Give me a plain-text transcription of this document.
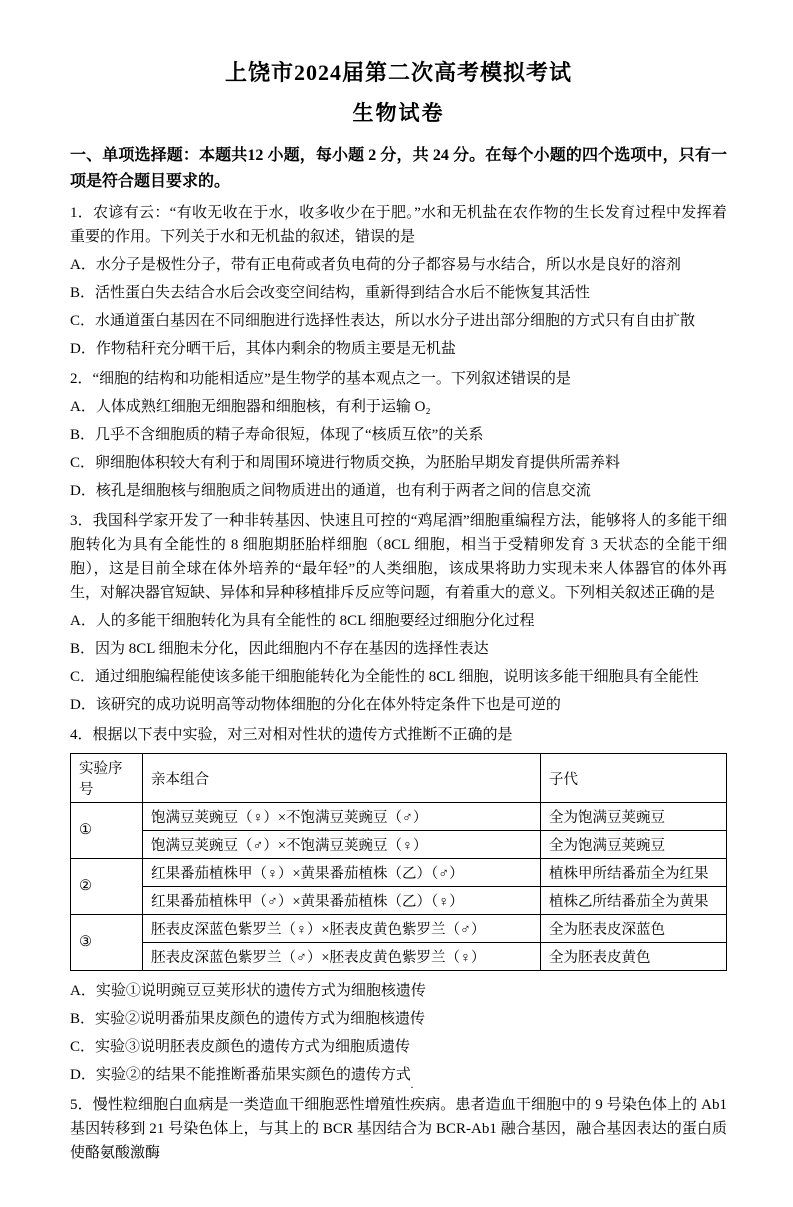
上饶市2024届第二次高考模拟考试
生物试卷

一、单项选择题：本题共12 小题，每小题 2 分，共 24 分。在每个小题的四个选项中，只有一项是符合题目要求的。

1．农谚有云：“有收无收在于水，收多收少在于肥。”水和无机盐在农作物的生长发育过程中发挥着重要的作用。下列关于水和无机盐的叙述，错误的是

A．水分子是极性分子，带有正电荷或者负电荷的分子都容易与水结合，所以水是良好的溶剂

B．活性蛋白失去结合水后会改变空间结构，重新得到结合水后不能恢复其活性

C．水通道蛋白基因在不同细胞进行选择性表达，所以水分子进出部分细胞的方式只有自由扩散

D．作物秸秆充分晒干后，其体内剩余的物质主要是无机盐

2．“细胞的结构和功能相适应”是生物学的基本观点之一。下列叙述错误的是

A．人体成熟红细胞无细胞器和细胞核，有利于运输 O₂

B．几乎不含细胞质的精子寿命很短，体现了“核质互依”的关系

C．卵细胞体积较大有利于和周围环境进行物质交换，为胚胎早期发育提供所需养料

D．核孔是细胞核与细胞质之间物质进出的通道，也有利于两者之间的信息交流

3．我国科学家开发了一种非转基因、快速且可控的“鸡尾酒”细胞重编程方法，能够将人的多能干细胞转化为具有全能性的 8 细胞期胚胎样细胞（8CL 细胞，相当于受精卵发育 3 天状态的全能干细胞），这是目前全球在体外培养的“最年轻”的人类细胞，该成果将助力实现未来人体器官的体外再生，对解决器官短缺、异体和异种移植排斥反应等问题，有着重大的意义。下列相关叙述正确的是

A．人的多能干细胞转化为具有全能性的 8CL 细胞要经过细胞分化过程

B．因为 8CL 细胞未分化，因此细胞内不存在基因的选择性表达

C．通过细胞编程能使该多能干细胞能转化为全能性的 8CL 细胞，说明该多能干细胞具有全能性

D．该研究的成功说明高等动物体细胞的分化在体外特定条件下也是可逆的

4．根据以下表中实验，对三对相对性状的遗传方式推断不正确的是

实验序号	亲本组合	子代
①	饱满豆荚豌豆（♀）×不饱满豆荚豌豆（♂）	全为饱满豆荚豌豆
	饱满豆荚豌豆（♂）×不饱满豆荚豌豆（♀）	全为饱满豆荚豌豆
②	红果番茄植株甲（♀）×黄果番茄植株（乙）（♂）	植株甲所结番茄全为红果
	红果番茄植株甲（♂）×黄果番茄植株（乙）（♀）	植株乙所结番茄全为黄果
③	胚表皮深蓝色紫罗兰（♀）×胚表皮黄色紫罗兰（♂）	全为胚表皮深蓝色
	胚表皮深蓝色紫罗兰（♂）×胚表皮黄色紫罗兰（♀）	全为胚表皮黄色

A．实验①说明豌豆豆荚形状的遗传方式为细胞核遗传

B．实验②说明番茄果皮颜色的遗传方式为细胞核遗传

C．实验③说明胚表皮颜色的遗传方式为细胞质遗传

D．实验②的结果不能推断番茄果实颜色的遗传方式

5．慢性粒细胞白血病是一类造血干细胞恶性增殖性疾病。患者造血干细胞中的 9 号染色体上的 Ab1 基因转移到 21 号染色体上，与其上的 BCR 基因结合为 BCR-Ab1 融合基因，融合基因表达的蛋白质使酪氨酸激酶

·
